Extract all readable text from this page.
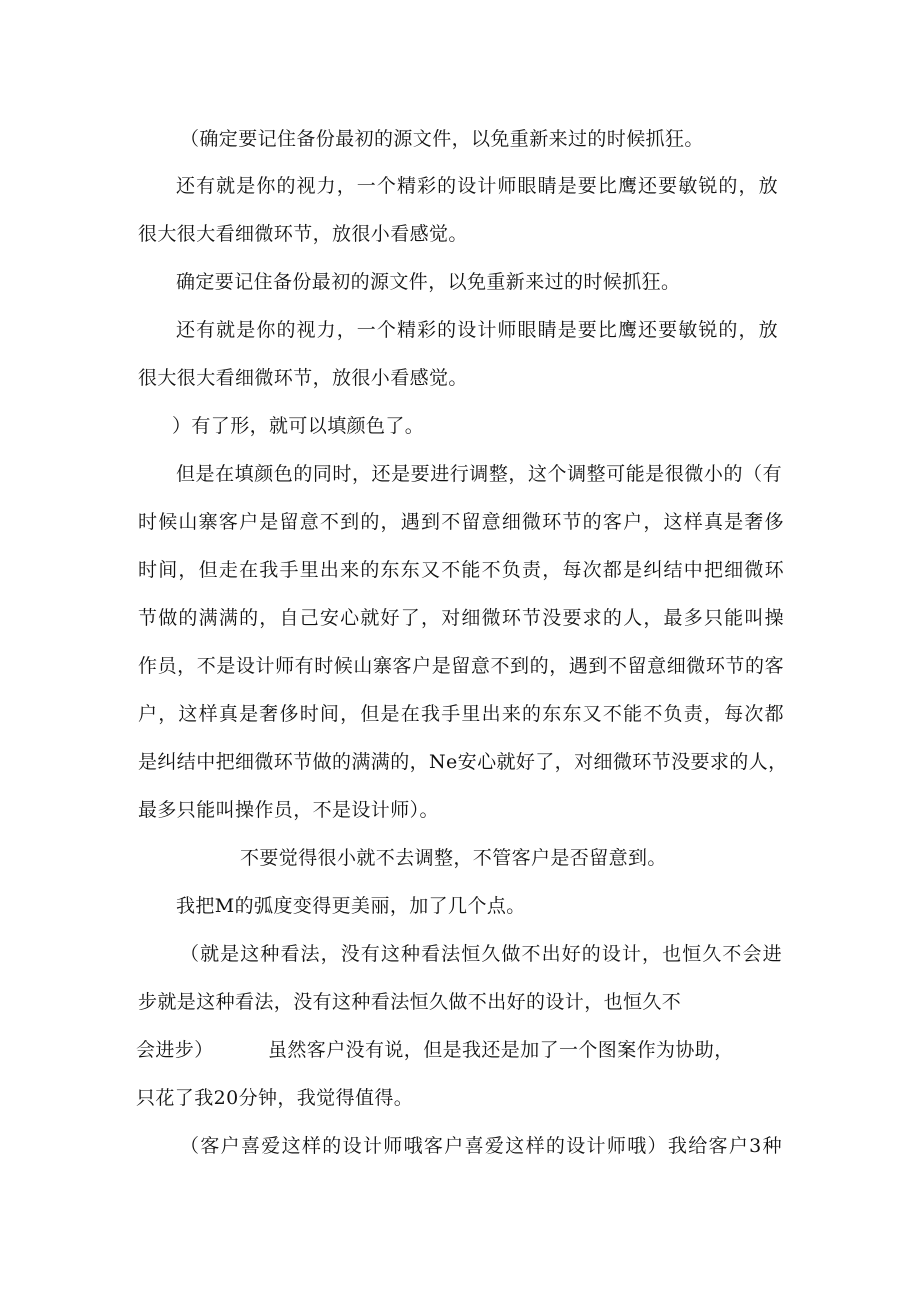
（确定要记住备份最初的源文件，以免重新来过的时候抓狂。
还有就是你的视力，一个精彩的设计师眼睛是要比鹰还要敏锐的，放
很大很大看细微环节，放很小看感觉。
确定要记住备份最初的源文件，以免重新来过的时候抓狂。
还有就是你的视力，一个精彩的设计师眼睛是要比鹰还要敏锐的，放
很大很大看细微环节，放很小看感觉。
）有了形，就可以填颜色了。
但是在填颜色的同时，还是要进行调整，这个调整可能是很微小的（有
时候山寨客户是留意不到的，遇到不留意细微环节的客户，这样真是奢侈
时间，但走在我手里出来的东东又不能不负责，每次都是纠结中把细微环
节做的满满的，自己安心就好了，对细微环节没要求的人，最多只能叫操
作员，不是设计师有时候山寨客户是留意不到的，遇到不留意细微环节的客
户，这样真是奢侈时间，但是在我手里出来的东东又不能不负责，每次都
是纠结中把细微环节做的满满的，Ne安心就好了，对细微环节没要求的人，
最多只能叫操作员，不是设计师）。
不要觉得很小就不去调整，不管客户是否留意到。
我把M的弧度变得更美丽，加了几个点。
（就是这种看法，没有这种看法恒久做不出好的设计，也恒久不会进
步就是这种看法，没有这种看法恒久做不出好的设计，也恒久不
会进步）	虽然客户没有说，但是我还是加了一个图案作为协助，
只花了我20分钟，我觉得值得。
（客户喜爱这样的设计师哦客户喜爱这样的设计师哦）我给客户3种
